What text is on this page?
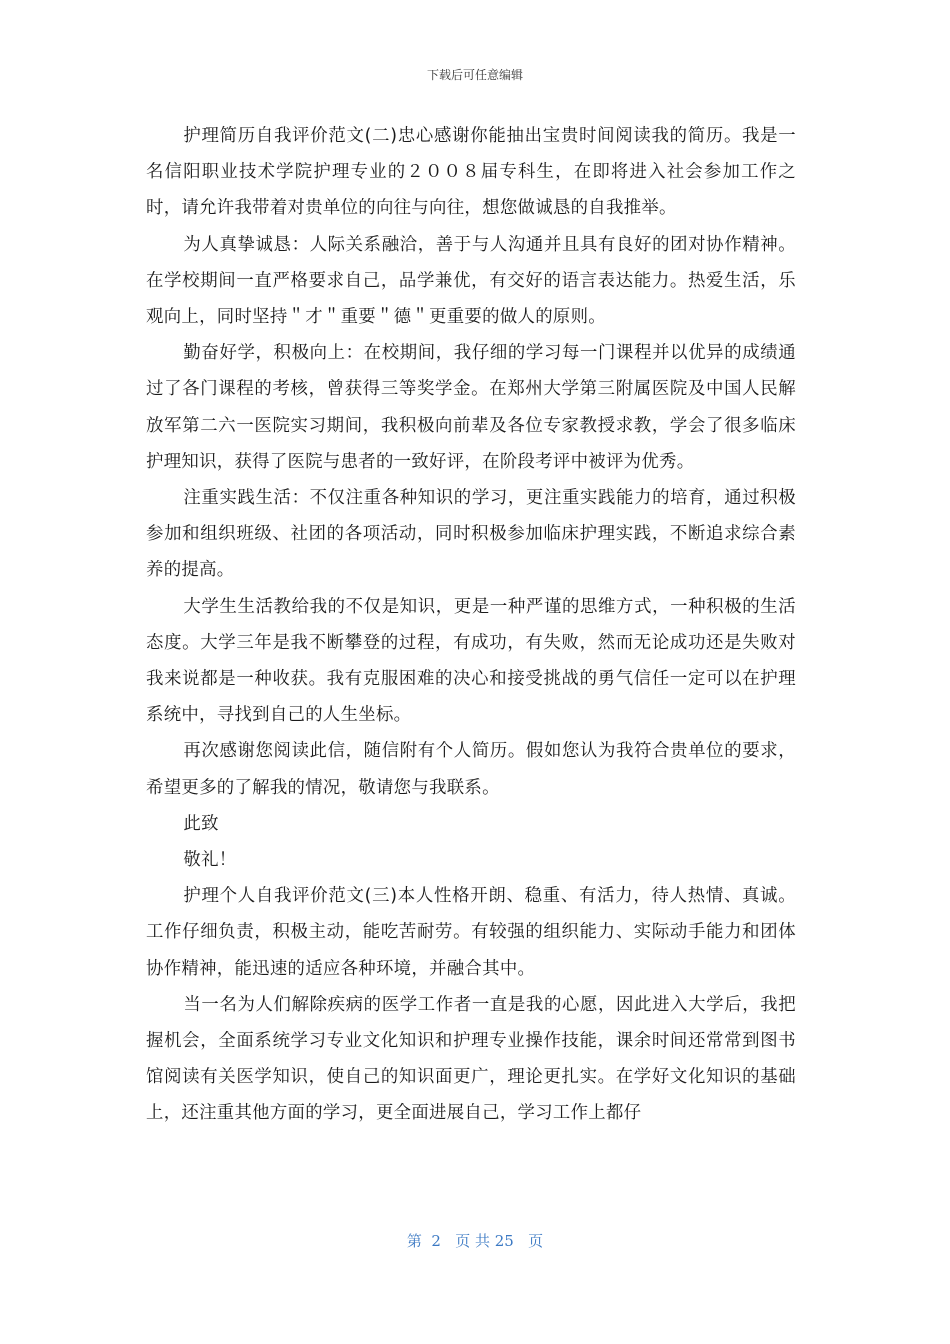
下载后可任意编辑

护理简历自我评价范文(二)忠心感谢你能抽出宝贵时间阅读我的简历。我是一名信阳职业技术学院护理专业的２００８届专科生，在即将进入社会参加工作之时，请允许我带着对贵单位的向往与向往，想您做诚恳的自我推举。

为人真挚诚恳：人际关系融洽，善于与人沟通并且具有良好的团对协作精神。在学校期间一直严格要求自己，品学兼优，有交好的语言表达能力。热爱生活，乐观向上，同时坚持＂才＂重要＂德＂更重要的做人的原则。

勤奋好学，积极向上：在校期间，我仔细的学习每一门课程并以优异的成绩通过了各门课程的考核，曾获得三等奖学金。在郑州大学第三附属医院及中国人民解放军第二六一医院实习期间，我积极向前辈及各位专家教授求教，学会了很多临床护理知识，获得了医院与患者的一致好评，在阶段考评中被评为优秀。

注重实践生活：不仅注重各种知识的学习，更注重实践能力的培育，通过积极参加和组织班级、社团的各项活动，同时积极参加临床护理实践，不断追求综合素养的提高。

大学生生活教给我的不仅是知识，更是一种严谨的思维方式，一种积极的生活态度。大学三年是我不断攀登的过程，有成功，有失败，然而无论成功还是失败对我来说都是一种收获。我有克服困难的决心和接受挑战的勇气信任一定可以在护理系统中，寻找到自己的人生坐标。

再次感谢您阅读此信，随信附有个人简历。假如您认为我符合贵单位的要求，希望更多的了解我的情况，敬请您与我联系。

此致

敬礼！

护理个人自我评价范文(三)本人性格开朗、稳重、有活力，待人热情、真诚。工作仔细负责，积极主动，能吃苦耐劳。有较强的组织能力、实际动手能力和团体协作精神，能迅速的适应各种环境，并融合其中。

当一名为人们解除疾病的医学工作者一直是我的心愿，因此进入大学后，我把握机会，全面系统学习专业文化知识和护理专业操作技能，课余时间还常常到图书馆阅读有关医学知识，使自己的知识面更广，理论更扎实。在学好文化知识的基础上，还注重其他方面的学习，更全面进展自己，学习工作上都仔

第  2   页 共 25   页
